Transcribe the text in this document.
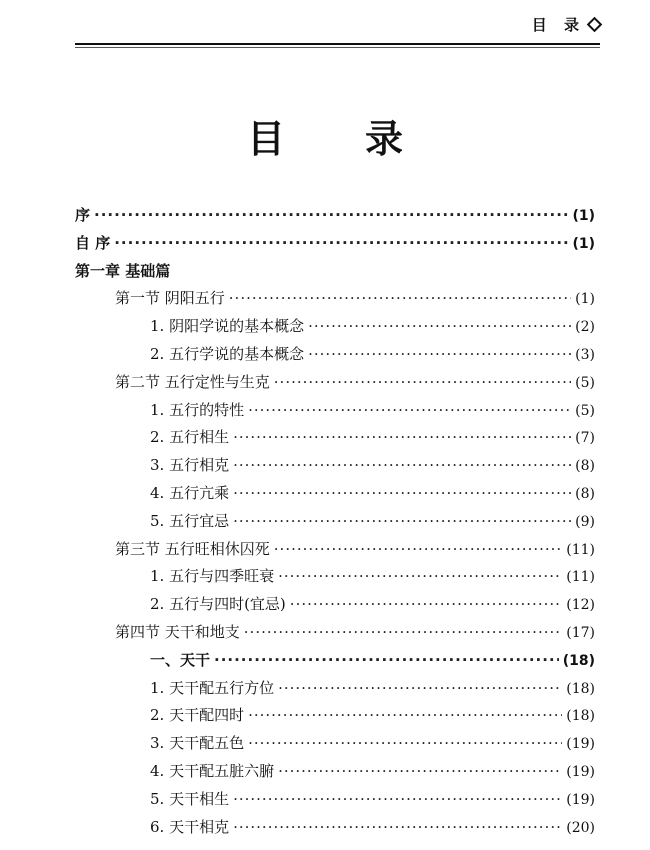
目 录
目录
序 ·····	(1)
自 序 ·····	(1)
第一章 基础篇
第一节 阴阳五行 ·····	(1)
1. 阴阳学说的基本概念 ·····	(2)
2. 五行学说的基本概念 ·····	(3)
第二节 五行定性与生克 ·····	(5)
1. 五行的特性 ·····	(5)
2. 五行相生 ·····	(7)
3. 五行相克 ·····	(8)
4. 五行亢乘 ·····	(8)
5. 五行宜忌 ·····	(9)
第三节 五行旺相休囚死 ·····	(11)
1. 五行与四季旺衰 ·····	(11)
2. 五行与四时(宜忌) ·····	(12)
第四节 天干和地支 ·····	(17)
一、天干 ·····	(18)
1. 天干配五行方位 ·····	(18)
2. 天干配四时 ·····	(18)
3. 天干配五色 ·····	(19)
4. 天干配五脏六腑 ·····	(19)
5. 天干相生 ·····	(19)
6. 天干相克 ·····	(20)
